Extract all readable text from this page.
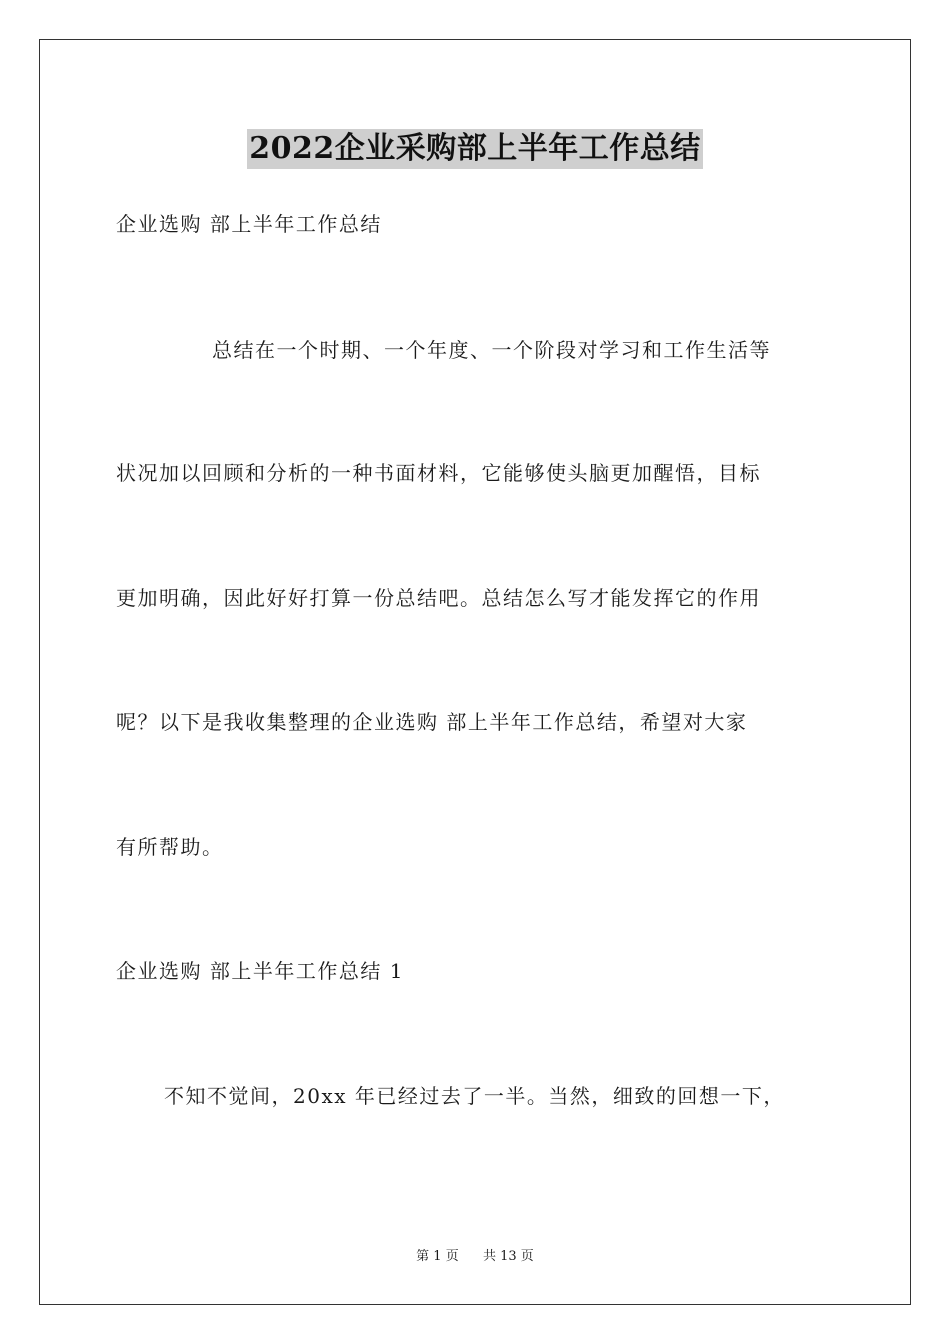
2022企业采购部上半年工作总结

企业选购 部上半年工作总结

总结在一个时期、一个年度、一个阶段对学习和工作生活等

状况加以回顾和分析的一种书面材料，它能够使头脑更加醒悟，目标

更加明确，因此好好打算一份总结吧。总结怎么写才能发挥它的作用

呢？以下是我收集整理的企业选购 部上半年工作总结，希望对大家

有所帮助。

企业选购 部上半年工作总结 1

不知不觉间，20xx 年已经过去了一半。当然，细致的回想一下，

第 1 页 共 13 页
